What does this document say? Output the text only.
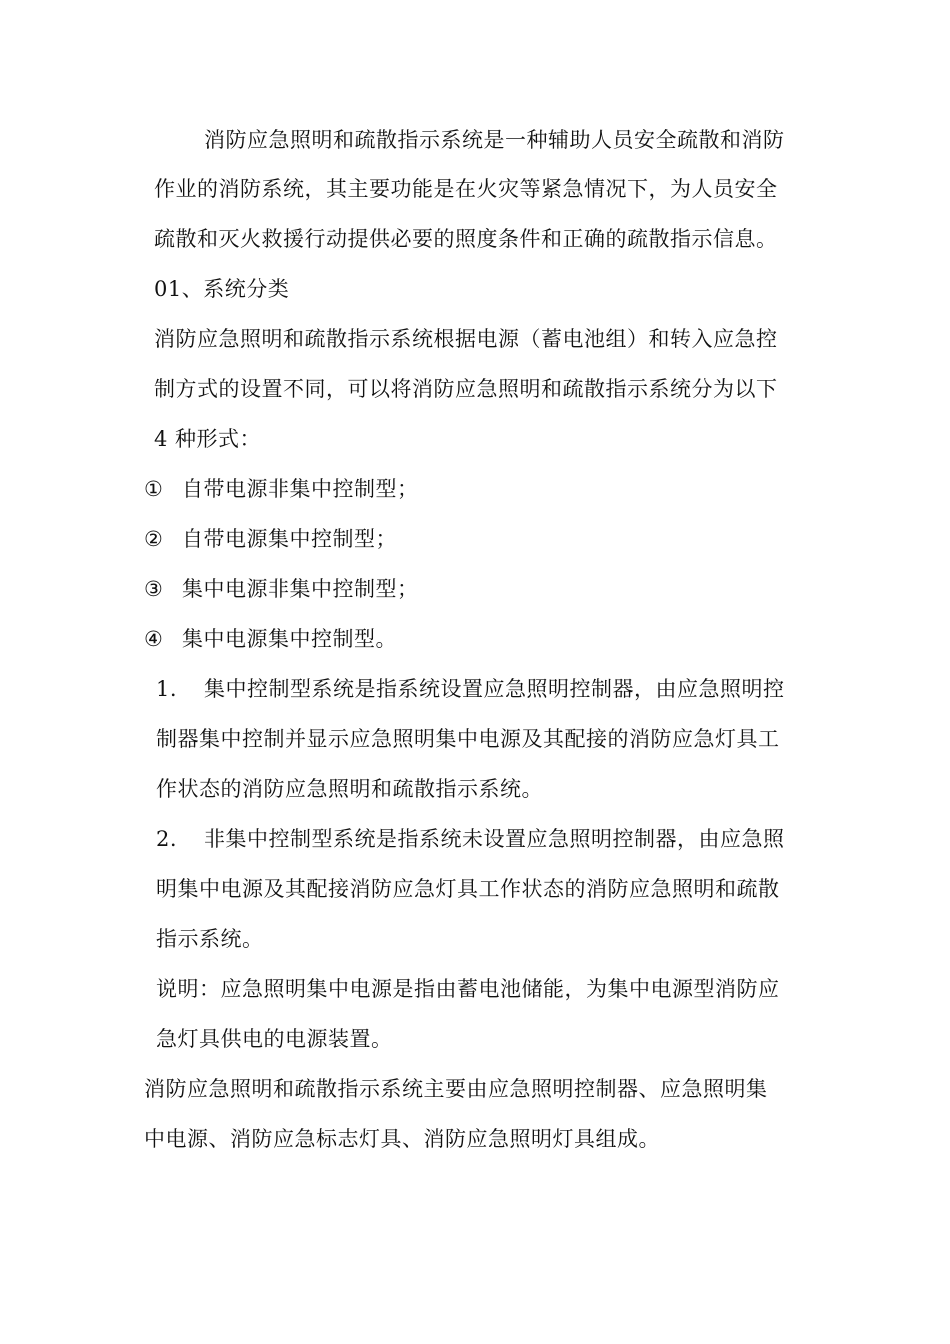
消防应急照明和疏散指示系统是一种辅助人员安全疏散和消防
作业的消防系统，其主要功能是在火灾等紧急情况下，为人员安全
疏散和灭火救援行动提供必要的照度条件和正确的疏散指示信息。
01、系统分类
消防应急照明和疏散指示系统根据电源（蓄电池组）和转入应急控
制方式的设置不同，可以将消防应急照明和疏散指示系统分为以下
4 种形式：
① 自带电源非集中控制型；
② 自带电源集中控制型；
③ 集中电源非集中控制型；
④ 集中电源集中控制型。
1. 集中控制型系统是指系统设置应急照明控制器，由应急照明控
制器集中控制并显示应急照明集中电源及其配接的消防应急灯具工
作状态的消防应急照明和疏散指示系统。
2. 非集中控制型系统是指系统未设置应急照明控制器，由应急照
明集中电源及其配接消防应急灯具工作状态的消防应急照明和疏散
指示系统。
说明：应急照明集中电源是指由蓄电池储能，为集中电源型消防应
急灯具供电的电源装置。
消防应急照明和疏散指示系统主要由应急照明控制器、应急照明集
中电源、消防应急标志灯具、消防应急照明灯具组成。
